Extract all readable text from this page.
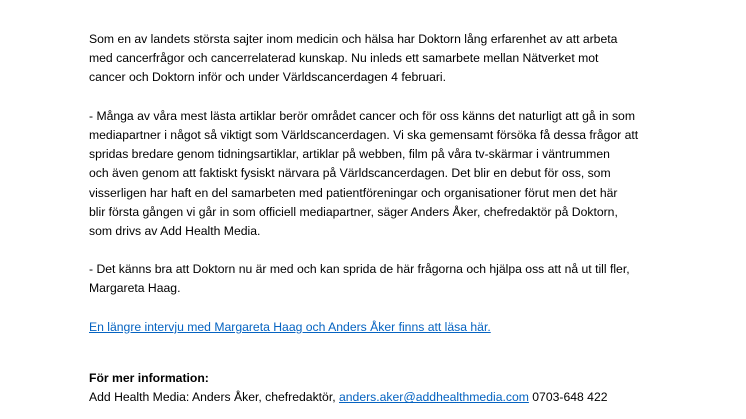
Som en av landets största sajter inom medicin och hälsa har Doktorn lång erfarenhet av att arbeta
med cancerfrågor och cancerrelaterad kunskap. Nu inleds ett samarbete mellan Nätverket mot
cancer och Doktorn inför och under Världscancerdagen 4 februari.
- Många av våra mest lästa artiklar berör området cancer och för oss känns det naturligt att gå in som
mediapartner i något så viktigt som Världscancerdagen. Vi ska gemensamt försöka få dessa frågor att
spridas bredare genom tidningsartiklar, artiklar på webben, film på våra tv-skärmar i väntrummen
och även genom att faktiskt fysiskt närvara på Världscancerdagen. Det blir en debut för oss, som
visserligen har haft en del samarbeten med patientföreningar och organisationer förut men det här
blir första gången vi går in som officiell mediapartner, säger Anders Åker, chefredaktör på Doktorn,
som drivs av Add Health Media.
- Det känns bra att Doktorn nu är med och kan sprida de här frågorna och hjälpa oss att nå ut till fler,
Margareta Haag.
En längre intervju med Margareta Haag och Anders Åker finns att läsa här.
För mer information:
Add Health Media: Anders Åker, chefredaktör, anders.aker@addhealthmedia.com 0703-648 422
